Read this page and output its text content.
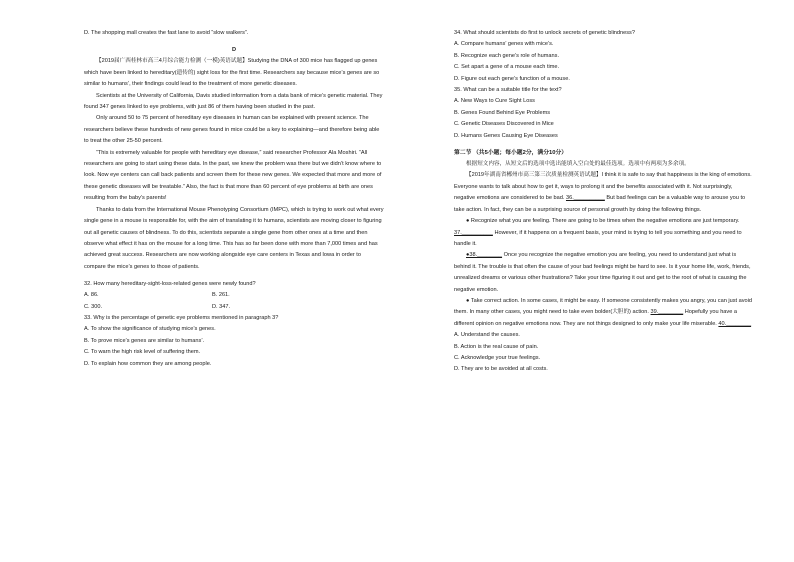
D. The shopping mall creates the fast lane to avoid “slow walkers”.

D

【2019届广西桂林市高三4月综合能力检测（一模)英语试题】Studying the DNA of 300 mice has flagged up genes which have been linked to hereditary(遗传的) sight loss for the first time. Researchers say because mice’s genes are so similar to humans’, their findings could lead to the treatment of more genetic diseases.

Scientists at the University of California, Davis studied information from a data bank of mice’s genetic material. They found 347 genes linked to eye problems, with just 86 of them having been studied in the past.

Only around 50 to 75 percent of hereditary eye diseases in human can be explained with present science. The researchers believe these hundreds of new genes found in mice could be a key to explaining—and therefore being able to treat the other 25-50 percent.

“This is extremely valuable for people with hereditary eye disease,” said researcher Professor Ala Moshiri. “All researchers are going to start using these data. In the past, we knew the problem was there but we didn’t know where to look. Now eye centers can call back patients and screen them for these new genes. We expected that more and more of these genetic diseases will be treatable.” Also, the fact is that more than 60 percent of eye problems at birth are ones resulting from the baby’s parents!

Thanks to data from the International Mouse Phenotyping Consortium (IMPC), which is trying to work out what every single gene in a mouse is responsible for, with the aim of translating it to humans, scientists are moving closer to figuring out all genetic causes of blindness. To do this, scientists separate a single gene from other ones at a time and then observe what effect it has on the mouse for a long time. This has so far been done with more than 7,000 times and has achieved great success. Researchers are now working alongside eye care centers in Texas and Iowa in order to compare the mice’s genes to those of patients.

32. How many hereditary-sight-loss-related genes were newly found?

A. 86.	B. 261.
C. 300.	D. 347.

33. Why is the percentage of genetic eye problems mentioned in paragraph 3?

A. To show the significance of studying mice’s genes.

B. To prove mice’s genes are similar to humans’.

C. To warn the high risk level of suffering them.

D. To explain how common they are among people.

34. What should scientists do first to unlock secrets of genetic blindness?

A. Compare humans’ genes with mice’s.

B. Recognize each gene’s role of humans.

C. Set apart a gene of a mouse each time.

D. Figure out each gene’s function of a mouse.

35. What can be a suitable title for the text?

A. New Ways to Cure Sight Loss

B. Genes Found Behind Eye Problems

C. Genetic Diseases Discovered in Mice

D. Humans Genes Causing Eye Diseases

第二节 （共5小题；每小题2分，满分10分）

根据短文内容，从短文后的选项中选出能填入空白处的最佳选项。选项中有两项为多余项。

【2019年湖南省郴州市高三第三次质量检测英语试题】I think it is safe to say that happiness is the king of emotions. Everyone wants to talk about how to get it, ways to prolong it and the benefits associated with it. Not surprisingly, negative emotions are considered to be bad. 36.__________ But bad feelings can be a valuable way to arouse you to take action. In fact, they can be a surprising source of personal growth by doing the following things.

● Recognize what you are feeling. There are going to be times when the negative emotions are just temporary. 37.__________ However, if it happens on a frequent basis, your mind is trying to tell you something and you need to handle it.

●38.________ Once you recognize the negative emotion you are feeling, you need to understand just what is behind it. The trouble is that often the cause of your bad feelings might be hard to see. Is it your home life, work, friends, unrealized dreams or various other frustrations? Take your time figuring it out and get to the root of what is causing the negative emotion.

● Take correct action. In some cases, it might be easy. If someone consistently makes you angry, you can just avoid them. In many other cases, you might need to take even bolder(大胆的) action. 39.________ Hopefully you have a different opinion on negative emotions now. They are not things designed to only make your life miserable. 40.________

A. Understand the causes.

B. Action is the real cause of pain.

C. Acknowledge your true feelings.

D. They are to be avoided at all costs.
